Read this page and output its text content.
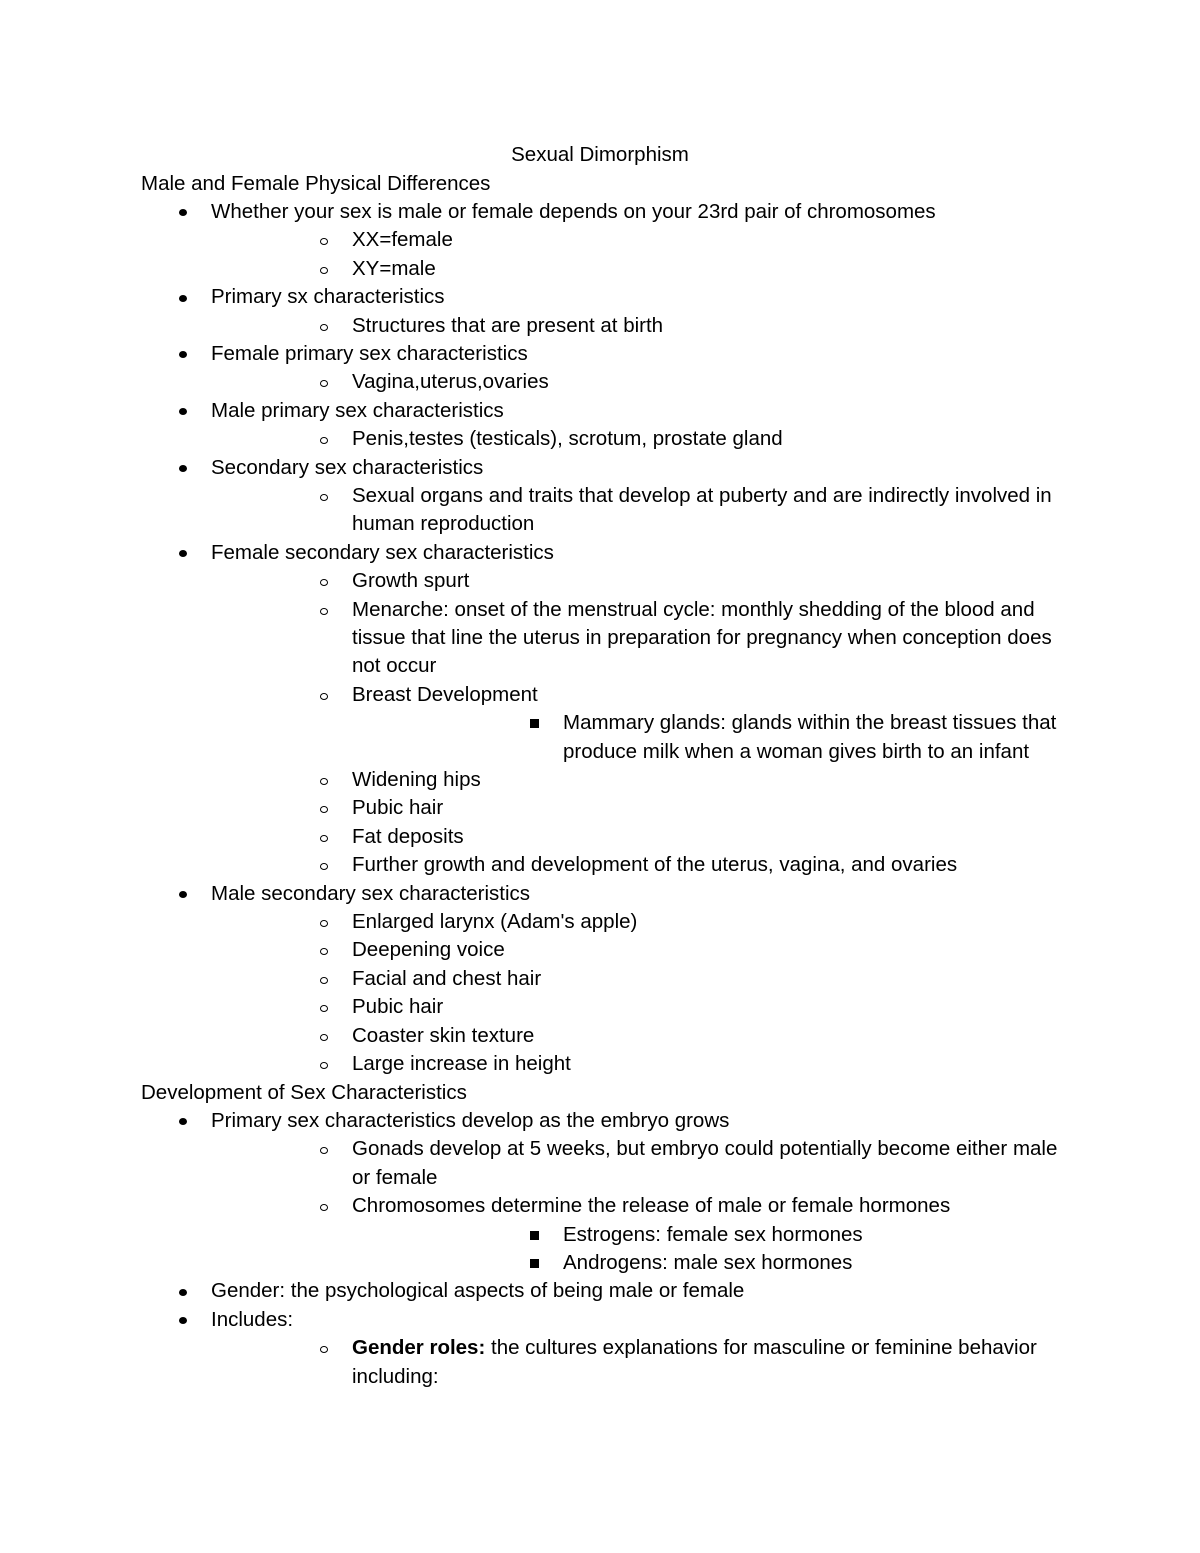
Sexual Dimorphism

Male and Female Physical Differences

Whether your sex is male or female depends on your 23rd pair of chromosomes
XX=female
XY=male
Primary sx characteristics
Structures that are present at birth
Female primary sex characteristics
Vagina,uterus,ovaries
Male primary sex characteristics
Penis,testes (testicals), scrotum, prostate gland
Secondary sex characteristics
Sexual organs and traits that develop at puberty and are indirectly involved in human reproduction
Female secondary sex characteristics
Growth spurt
Menarche: onset of the menstrual cycle: monthly shedding of the blood and tissue that line the uterus in preparation for pregnancy when conception does not occur
Breast Development
Mammary glands: glands within the breast tissues that produce milk when a woman gives birth to an infant
Widening hips
Pubic hair
Fat deposits
Further growth and development of the uterus, vagina, and ovaries
Male secondary sex characteristics
Enlarged larynx (Adam's apple)
Deepening voice
Facial and chest hair
Pubic hair
Coaster skin texture
Large increase in height

Development of Sex Characteristics

Primary sex characteristics develop as the embryo grows
Gonads develop at 5 weeks, but embryo could potentially become either male or female
Chromosomes determine the release of male or female hormones
Estrogens: female sex hormones
Androgens: male sex hormones
Gender: the psychological aspects of being male or female
Includes:
Gender roles: the cultures explanations for masculine or feminine behavior including:
